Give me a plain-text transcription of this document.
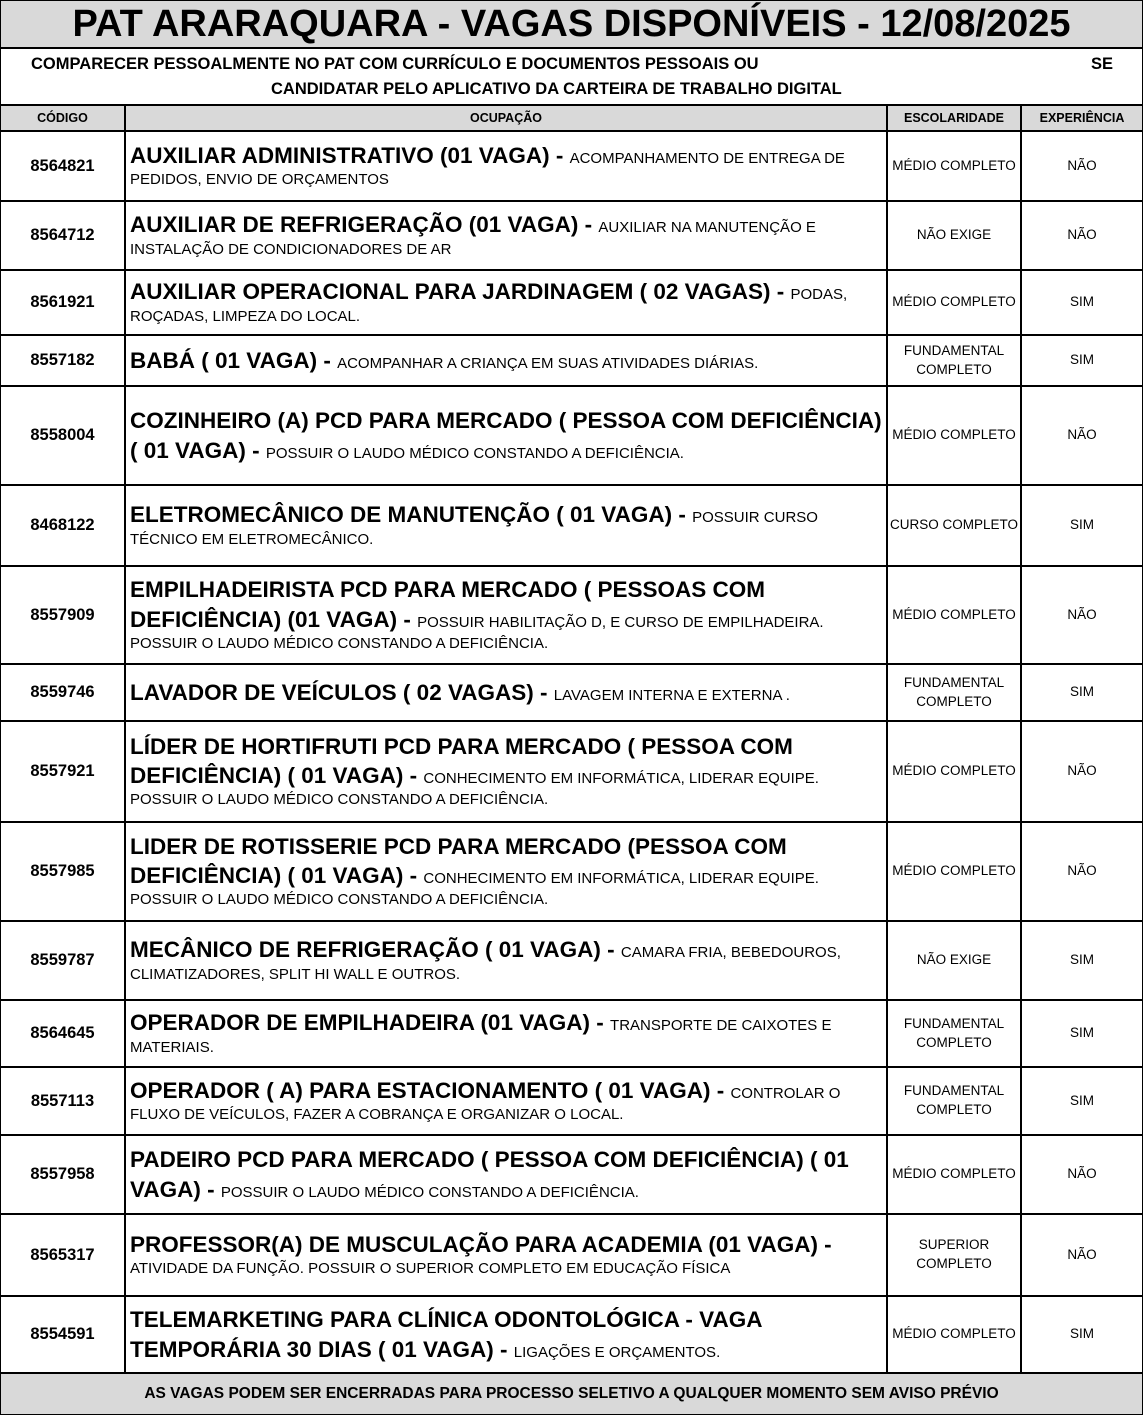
PAT ARARAQUARA - VAGAS DISPONÍVEIS - 12/08/2025
COMPARECER PESSOALMENTE NO PAT COM CURRÍCULO E DOCUMENTOS PESSOAIS OU	SE
CANDIDATAR PELO APLICATIVO DA CARTEIRA DE TRABALHO DIGITAL
CÓDIGO	OCUPAÇÃO	ESCOLARIDADE	EXPERIÊNCIA
8564821	AUXILIAR ADMINISTRATIVO (01 VAGA) - ACOMPANHAMENTO DE ENTREGA DE PEDIDOS, ENVIO DE ORÇAMENTOS	MÉDIO COMPLETO	NÃO
8564712	AUXILIAR DE REFRIGERAÇÃO (01 VAGA) - AUXILIAR NA MANUTENÇÃO E INSTALAÇÃO DE CONDICIONADORES DE AR	NÃO EXIGE	NÃO
8561921	AUXILIAR OPERACIONAL PARA JARDINAGEM ( 02 VAGAS) - PODAS, ROÇADAS, LIMPEZA DO LOCAL.	MÉDIO COMPLETO	SIM
8557182	BABÁ ( 01 VAGA) - ACOMPANHAR A CRIANÇA EM SUAS ATIVIDADES DIÁRIAS.	FUNDAMENTAL COMPLETO	SIM
8558004	COZINHEIRO (A) PCD PARA MERCADO ( PESSOA COM DEFICIÊNCIA) ( 01 VAGA) - POSSUIR O LAUDO MÉDICO CONSTANDO A DEFICIÊNCIA.	MÉDIO COMPLETO	NÃO
8468122	ELETROMECÂNICO DE MANUTENÇÃO ( 01 VAGA) - POSSUIR CURSO TÉCNICO EM ELETROMECÂNICO.	CURSO COMPLETO	SIM
8557909	EMPILHADEIRISTA PCD PARA MERCADO ( PESSOAS COM DEFICIÊNCIA) (01 VAGA) - POSSUIR HABILITAÇÃO D, E CURSO DE EMPILHADEIRA. POSSUIR O LAUDO MÉDICO CONSTANDO A DEFICIÊNCIA.	MÉDIO COMPLETO	NÃO
8559746	LAVADOR DE VEÍCULOS ( 02 VAGAS) - LAVAGEM INTERNA E EXTERNA .	FUNDAMENTAL COMPLETO	SIM
8557921	LÍDER DE HORTIFRUTI PCD PARA MERCADO ( PESSOA COM DEFICIÊNCIA) ( 01 VAGA) - CONHECIMENTO EM INFORMÁTICA, LIDERAR EQUIPE. POSSUIR O LAUDO MÉDICO CONSTANDO A DEFICIÊNCIA.	MÉDIO COMPLETO	NÃO
8557985	LIDER DE ROTISSERIE PCD PARA MERCADO (PESSOA COM DEFICIÊNCIA) ( 01 VAGA) - CONHECIMENTO EM INFORMÁTICA, LIDERAR EQUIPE. POSSUIR O LAUDO MÉDICO CONSTANDO A DEFICIÊNCIA.	MÉDIO COMPLETO	NÃO
8559787	MECÂNICO DE REFRIGERAÇÃO ( 01 VAGA) - CAMARA FRIA, BEBEDOUROS, CLIMATIZADORES, SPLIT HI WALL E OUTROS.	NÃO EXIGE	SIM
8564645	OPERADOR DE EMPILHADEIRA (01 VAGA) - TRANSPORTE DE CAIXOTES E MATERIAIS.	FUNDAMENTAL COMPLETO	SIM
8557113	OPERADOR ( A) PARA ESTACIONAMENTO ( 01 VAGA) - CONTROLAR O FLUXO DE VEÍCULOS, FAZER A COBRANÇA E ORGANIZAR O LOCAL.	FUNDAMENTAL COMPLETO	SIM
8557958	PADEIRO PCD PARA MERCADO ( PESSOA COM DEFICIÊNCIA) ( 01 VAGA) - POSSUIR O LAUDO MÉDICO CONSTANDO A DEFICIÊNCIA.	MÉDIO COMPLETO	NÃO
8565317	PROFESSOR(A) DE MUSCULAÇÃO PARA ACADEMIA (01 VAGA) - ATIVIDADE DA FUNÇÃO. POSSUIR O SUPERIOR COMPLETO EM EDUCAÇÃO FÍSICA	SUPERIOR COMPLETO	NÃO
8554591	TELEMARKETING PARA CLÍNICA ODONTOLÓGICA - VAGA TEMPORÁRIA 30 DIAS ( 01 VAGA) - LIGAÇÕES E ORÇAMENTOS.	MÉDIO COMPLETO	SIM
AS VAGAS PODEM SER ENCERRADAS PARA PROCESSO SELETIVO A QUALQUER MOMENTO SEM AVISO PRÉVIO
